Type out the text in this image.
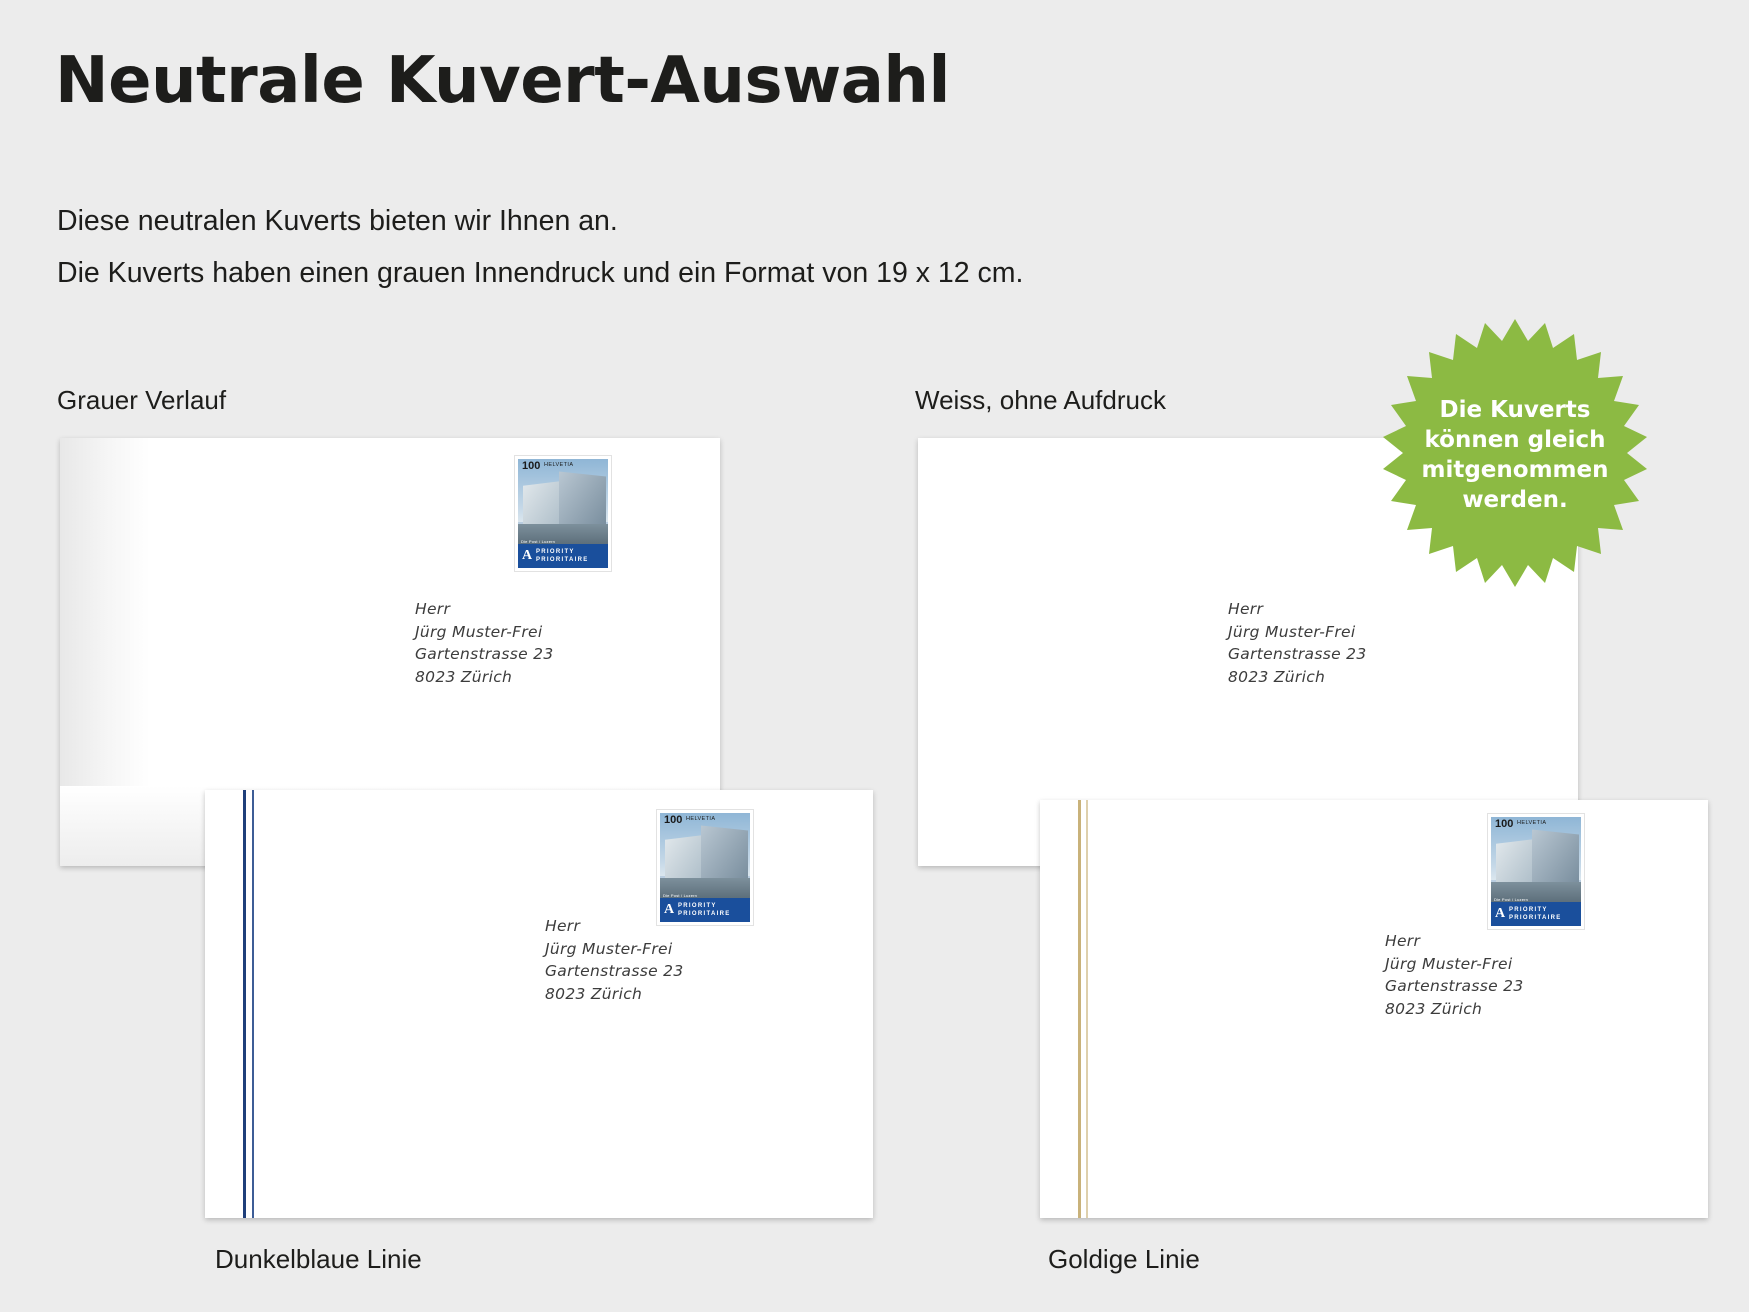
Neutrale Kuvert-Auswahl
Diese neutralen Kuverts bieten wir Ihnen an.
Die Kuverts haben einen grauen Innendruck und ein Format von 19 x 12 cm.
Grauer Verlauf	Weiss, ohne Aufdruck
Dunkelblaue Linie	Goldige Linie
100 HELVETIA
Die Post / Luzern
A PRIORITY
PRIORITAIRE
Herr
Jürg Muster-Frei
Gartenstrasse 23
8023 Zürich
Herr
Jürg Muster-Frei
Gartenstrasse 23
8023 Zürich
100 HELVETIA
Die Post / Luzern
A PRIORITY
PRIORITAIRE
Herr
Jürg Muster-Frei
Gartenstrasse 23
8023 Zürich
100 HELVETIA
Die Post / Luzern
A PRIORITY
PRIORITAIRE
Herr
Jürg Muster-Frei
Gartenstrasse 23
8023 Zürich
Die Kuverts
können gleich
mitgenommen
werden.
